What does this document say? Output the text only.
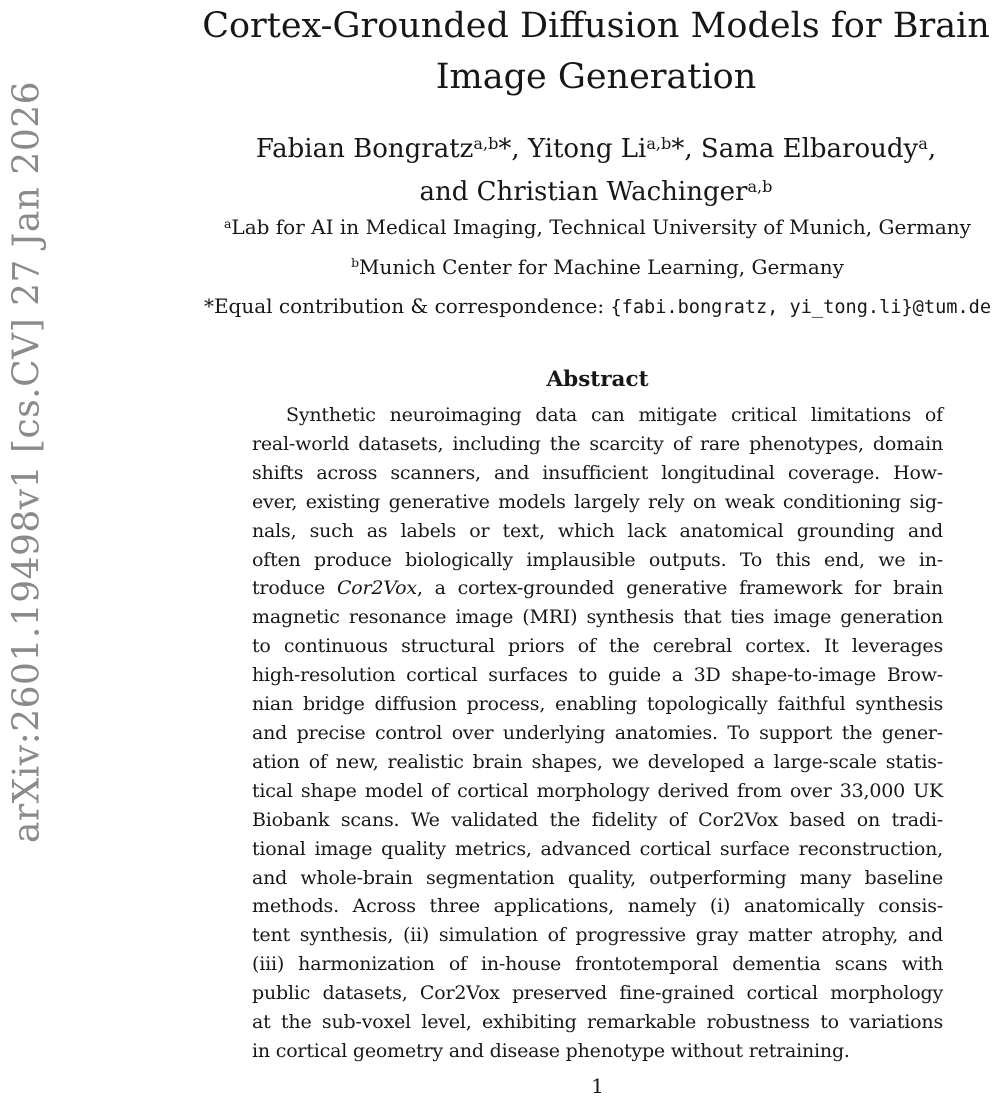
arXiv:2601.19498v1 [cs.CV] 27 Jan 2026
Cortex-Grounded Diffusion Models for Brain
Image Generation
Fabian Bongratz$^{a,b}$*, Yitong Li$^{a,b}$*, Sama Elbaroudy$^a$,
and Christian Wachinger$^{a,b}$
$^a$Lab for AI in Medical Imaging, Technical University of Munich, Germany
$^b$Munich Center for Machine Learning, Germany
*Equal contribution & correspondence: {fabi.bongratz, yi_tong.li}@tum.de
Abstract
Synthetic neuroimaging data can mitigate critical limitations of
real-world datasets, including the scarcity of rare phenotypes, domain
shifts across scanners, and insufficient longitudinal coverage. How-
ever, existing generative models largely rely on weak conditioning sig-
nals, such as labels or text, which lack anatomical grounding and
often produce biologically implausible outputs. To this end, we in-
troduce Cor2Vox, a cortex-grounded generative framework for brain
magnetic resonance image (MRI) synthesis that ties image generation
to continuous structural priors of the cerebral cortex. It leverages
high-resolution cortical surfaces to guide a 3D shape-to-image Brow-
nian bridge diffusion process, enabling topologically faithful synthesis
and precise control over underlying anatomies. To support the gener-
ation of new, realistic brain shapes, we developed a large-scale statis-
tical shape model of cortical morphology derived from over 33,000 UK
Biobank scans. We validated the fidelity of Cor2Vox based on tradi-
tional image quality metrics, advanced cortical surface reconstruction,
and whole-brain segmentation quality, outperforming many baseline
methods. Across three applications, namely (i) anatomically consis-
tent synthesis, (ii) simulation of progressive gray matter atrophy, and
(iii) harmonization of in-house frontotemporal dementia scans with
public datasets, Cor2Vox preserved fine-grained cortical morphology
at the sub-voxel level, exhibiting remarkable robustness to variations
in cortical geometry and disease phenotype without retraining.
1
